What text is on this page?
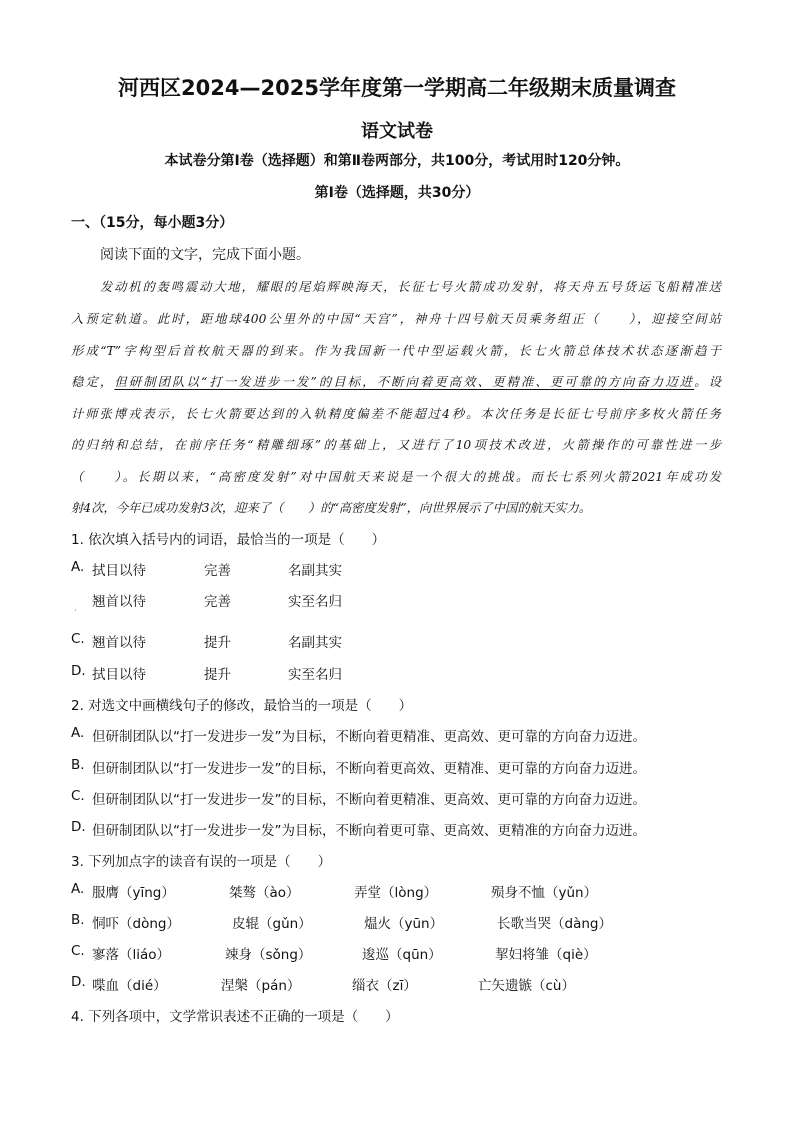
河西区2024—2025学年度第一学期高二年级期末质量调查
语文试卷
本试卷分第Ⅰ卷（选择题）和第Ⅱ卷两部分，共100分，考试用时120分钟。
第Ⅰ卷（选择题，共30分）
一、（15分，每小题3分）
阅读下面的文字，完成下面小题。
发动机的轰鸣震动大地，耀眼的尾焰辉映海天，长征七号火箭成功发射，将天舟五号货运飞船精准送
入预定轨道。此时，距地球400公里外的中国“天宫”，神舟十四号航天员乘务组正（　　），迎接空间站
形成“T”字构型后首枚航天器的到来。作为我国新一代中型运载火箭，长七火箭总体技术状态逐渐趋于
稳定，但研制团队以“打一发进步一发”的目标，不断向着更高效、更精准、更可靠的方向奋力迈进。设
计师张博戎表示，长七火箭要达到的入轨精度偏差不能超过4秒。本次任务是长征七号前序多枚火箭任务
的归纳和总结，在前序任务“精雕细琢”的基础上，又进行了10项技术改进，火箭操作的可靠性进一步
（　　）。长期以来，“高密度发射”对中国航天来说是一个很大的挑战。而长七系列火箭2021年成功发
射4次，今年已成功发射3次，迎来了（　　）的“高密度发射”，向世界展示了中国的航天实力。
1. 依次填入括号内的词语，最恰当的一项是（　　）
A. 拭目以待	完善	名副其实
翘首以待	完善	实至名归
·
C. 翘首以待	提升	名副其实
D. 拭目以待	提升	实至名归
2. 对选文中画横线句子的修改，最恰当的一项是（　　）
A. 但研制团队以“打一发进步一发”为目标，不断向着更精准、更高效、更可靠的方向奋力迈进。
B. 但研制团队以“打一发进步一发”的目标，不断向着更高效、更精准、更可靠的方向奋力迈进。
C. 但研制团队以“打一发进步一发”的目标，不断向着更精准、更高效、更可靠的方向奋力迈进。
D. 但研制团队以“打一发进步一发”为目标，不断向着更可靠、更高效、更精准的方向奋力迈进。
3. 下列加点字的读音有误的一项是（　　）
A. 服膺（yīng）	桀骜（ào）	弄堂（lòng）	殒身不恤（yǔn）
B. 恫吓（dòng）	皮辊（gǔn）	煴火（yūn）	长歌当哭（dàng）
C. 寥落（liáo）	竦身（sǒng）	逡巡（qūn）	挈妇将雏（qiè）
D. 喋血（dié）	涅槃（pán）	缁衣（zī）	亡矢遗镞（cù）
4. 下列各项中，文学常识表述不正确的一项是（　　）
